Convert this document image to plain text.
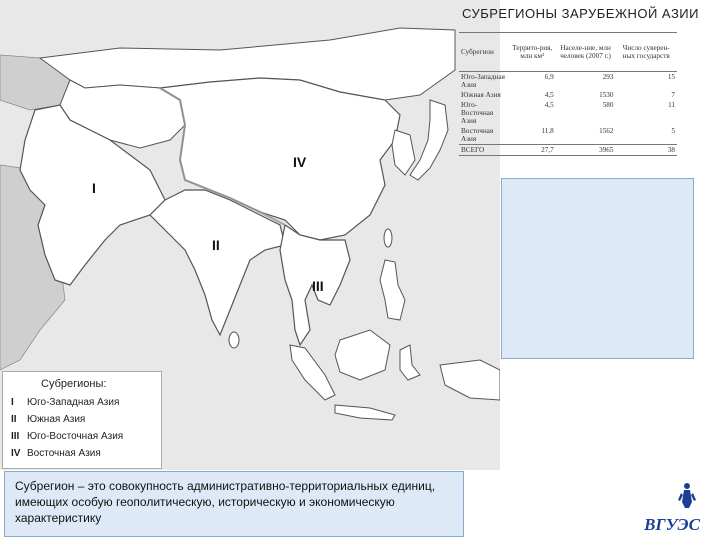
I
II
III
IV
СУБРЕГИОНЫ ЗАРУБЕЖНОЙ АЗИИ
Субрегион	Террито-рия, млн км²	Населе-ние, млн человек (2007 г.)	Число суверен-ных государств
Юго-Западная Азия	6,9	293	15
Южная Азия	4,5	1530	7
Юго-Восточная Азия	4,5	580	11
Восточная Азия	11,8	1562	5
ВСЕГО	27,7	3965	38
Субрегионы:
I Юго-Западная Азия
II Южная Азия
III Юго-Восточная Азия
IV Восточная Азия
Субрегион – это совокупность административно-территориальных единиц, имеющих особую геополитическую, историческую и экономическую характеристику	ВГУЭС
